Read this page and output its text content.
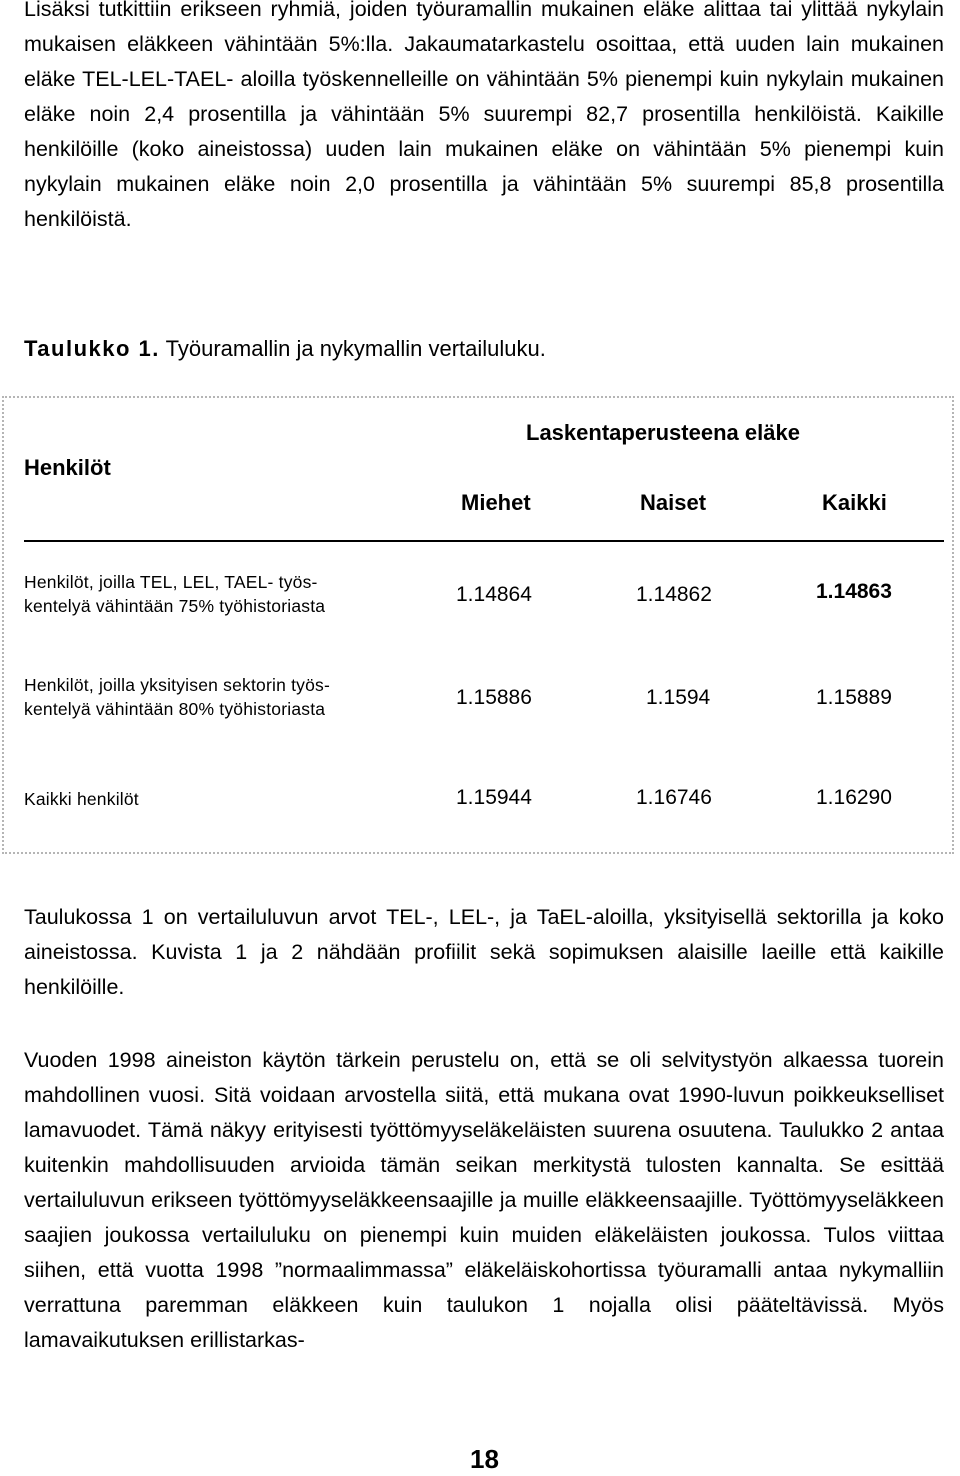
Lisäksi tutkittiin erikseen ryhmiä, joiden työuramallin mukainen eläke alittaa tai ylittää nykylain mukaisen eläkkeen vähintään 5%:lla. Jakaumatarkastelu osoittaa, että uuden lain mukainen eläke TEL-LEL-TAEL- aloilla työskennelleille on vähintään 5% pienempi kuin nykylain mukainen eläke noin 2,4 prosentilla ja vähintään 5% suurempi 82,7 prosentilla henkilöistä. Kaikille henkilöille (koko aineistossa) uuden lain mukainen eläke on vähintään 5% pienempi kuin nykylain mukainen eläke noin 2,0 prosentilla ja vähintään 5% suurempi 85,8 prosentilla henkilöistä.

Taulukko 1. Työuramallin ja nykymallin vertailuluku.

Henkilöt
Laskentaperusteena eläke
Miehet	Naiset	Kaikki
Henkilöt, joilla TEL, LEL, TAEL- työs-
kentelyä vähintään 75% työhistoriasta	1.14864	1.14862	1.14863
Henkilöt, joilla yksityisen sektorin työs-
kentelyä vähintään 80% työhistoriasta	1.15886	1.1594	1.15889
Kaikki henkilöt	1.15944	1.16746	1.16290

Taulukossa 1 on vertailuluvun arvot TEL-, LEL-, ja TaEL-aloilla, yksityisellä sektorilla ja koko aineistossa. Kuvista 1 ja 2 nähdään profiilit sekä sopimuksen alaisille laeille että kaikille henkilöille.

Vuoden 1998 aineiston käytön tärkein perustelu on, että se oli selvitystyön alkaessa tuorein mahdollinen vuosi. Sitä voidaan arvostella siitä, että mukana ovat 1990-luvun poikkeukselliset lamavuodet. Tämä näkyy erityisesti työttömyyseläkeläisten suurena osuutena. Taulukko 2 antaa kuitenkin mahdollisuuden arvioida tämän seikan merkitystä tulosten kannalta. Se esittää vertailuluvun erikseen työttömyyseläkkeensaajille ja muille eläkkeensaajille. Työttömyyseläkkeen saajien joukossa vertailuluku on pienempi kuin muiden eläkeläisten joukossa. Tulos viittaa siihen, että vuotta 1998 ”normaalimmassa” eläkeläiskohortissa työuramalli antaa nykymalliin verrattuna paremman eläkkeen kuin taulukon 1 nojalla olisi pääteltävissä. Myös lamavaikutuksen erillistarkas-

18
